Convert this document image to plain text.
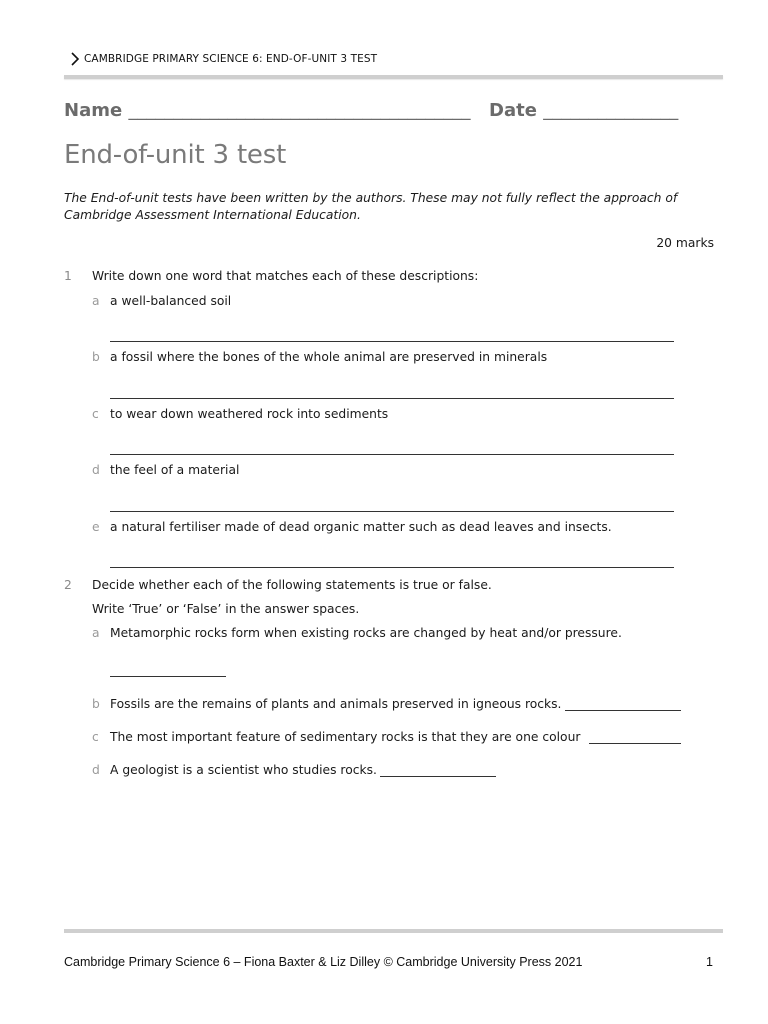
CAMBRIDGE PRIMARY SCIENCE 6: END-OF-UNIT 3 TEST
Name ______________________________________ Date _______________
End-of-unit 3 test
The End-of-unit tests have been written by the authors. These may not fully reflect the approach of Cambridge Assessment International Education.
20 marks
1 Write down one word that matches each of these descriptions:
a a well-balanced soil
b a fossil where the bones of the whole animal are preserved in minerals
c to wear down weathered rock into sediments
d the feel of a material
e a natural fertiliser made of dead organic matter such as dead leaves and insects.
2 Decide whether each of the following statements is true or false.
Write ‘True’ or ‘False’ in the answer spaces.
a Metamorphic rocks form when existing rocks are changed by heat and/or pressure.
b Fossils are the remains of plants and animals preserved in igneous rocks.
c The most important feature of sedimentary rocks is that they are one colour
d A geologist is a scientist who studies rocks.
Cambridge Primary Science 6 – Fiona Baxter & Liz Dilley © Cambridge University Press 2021	1
